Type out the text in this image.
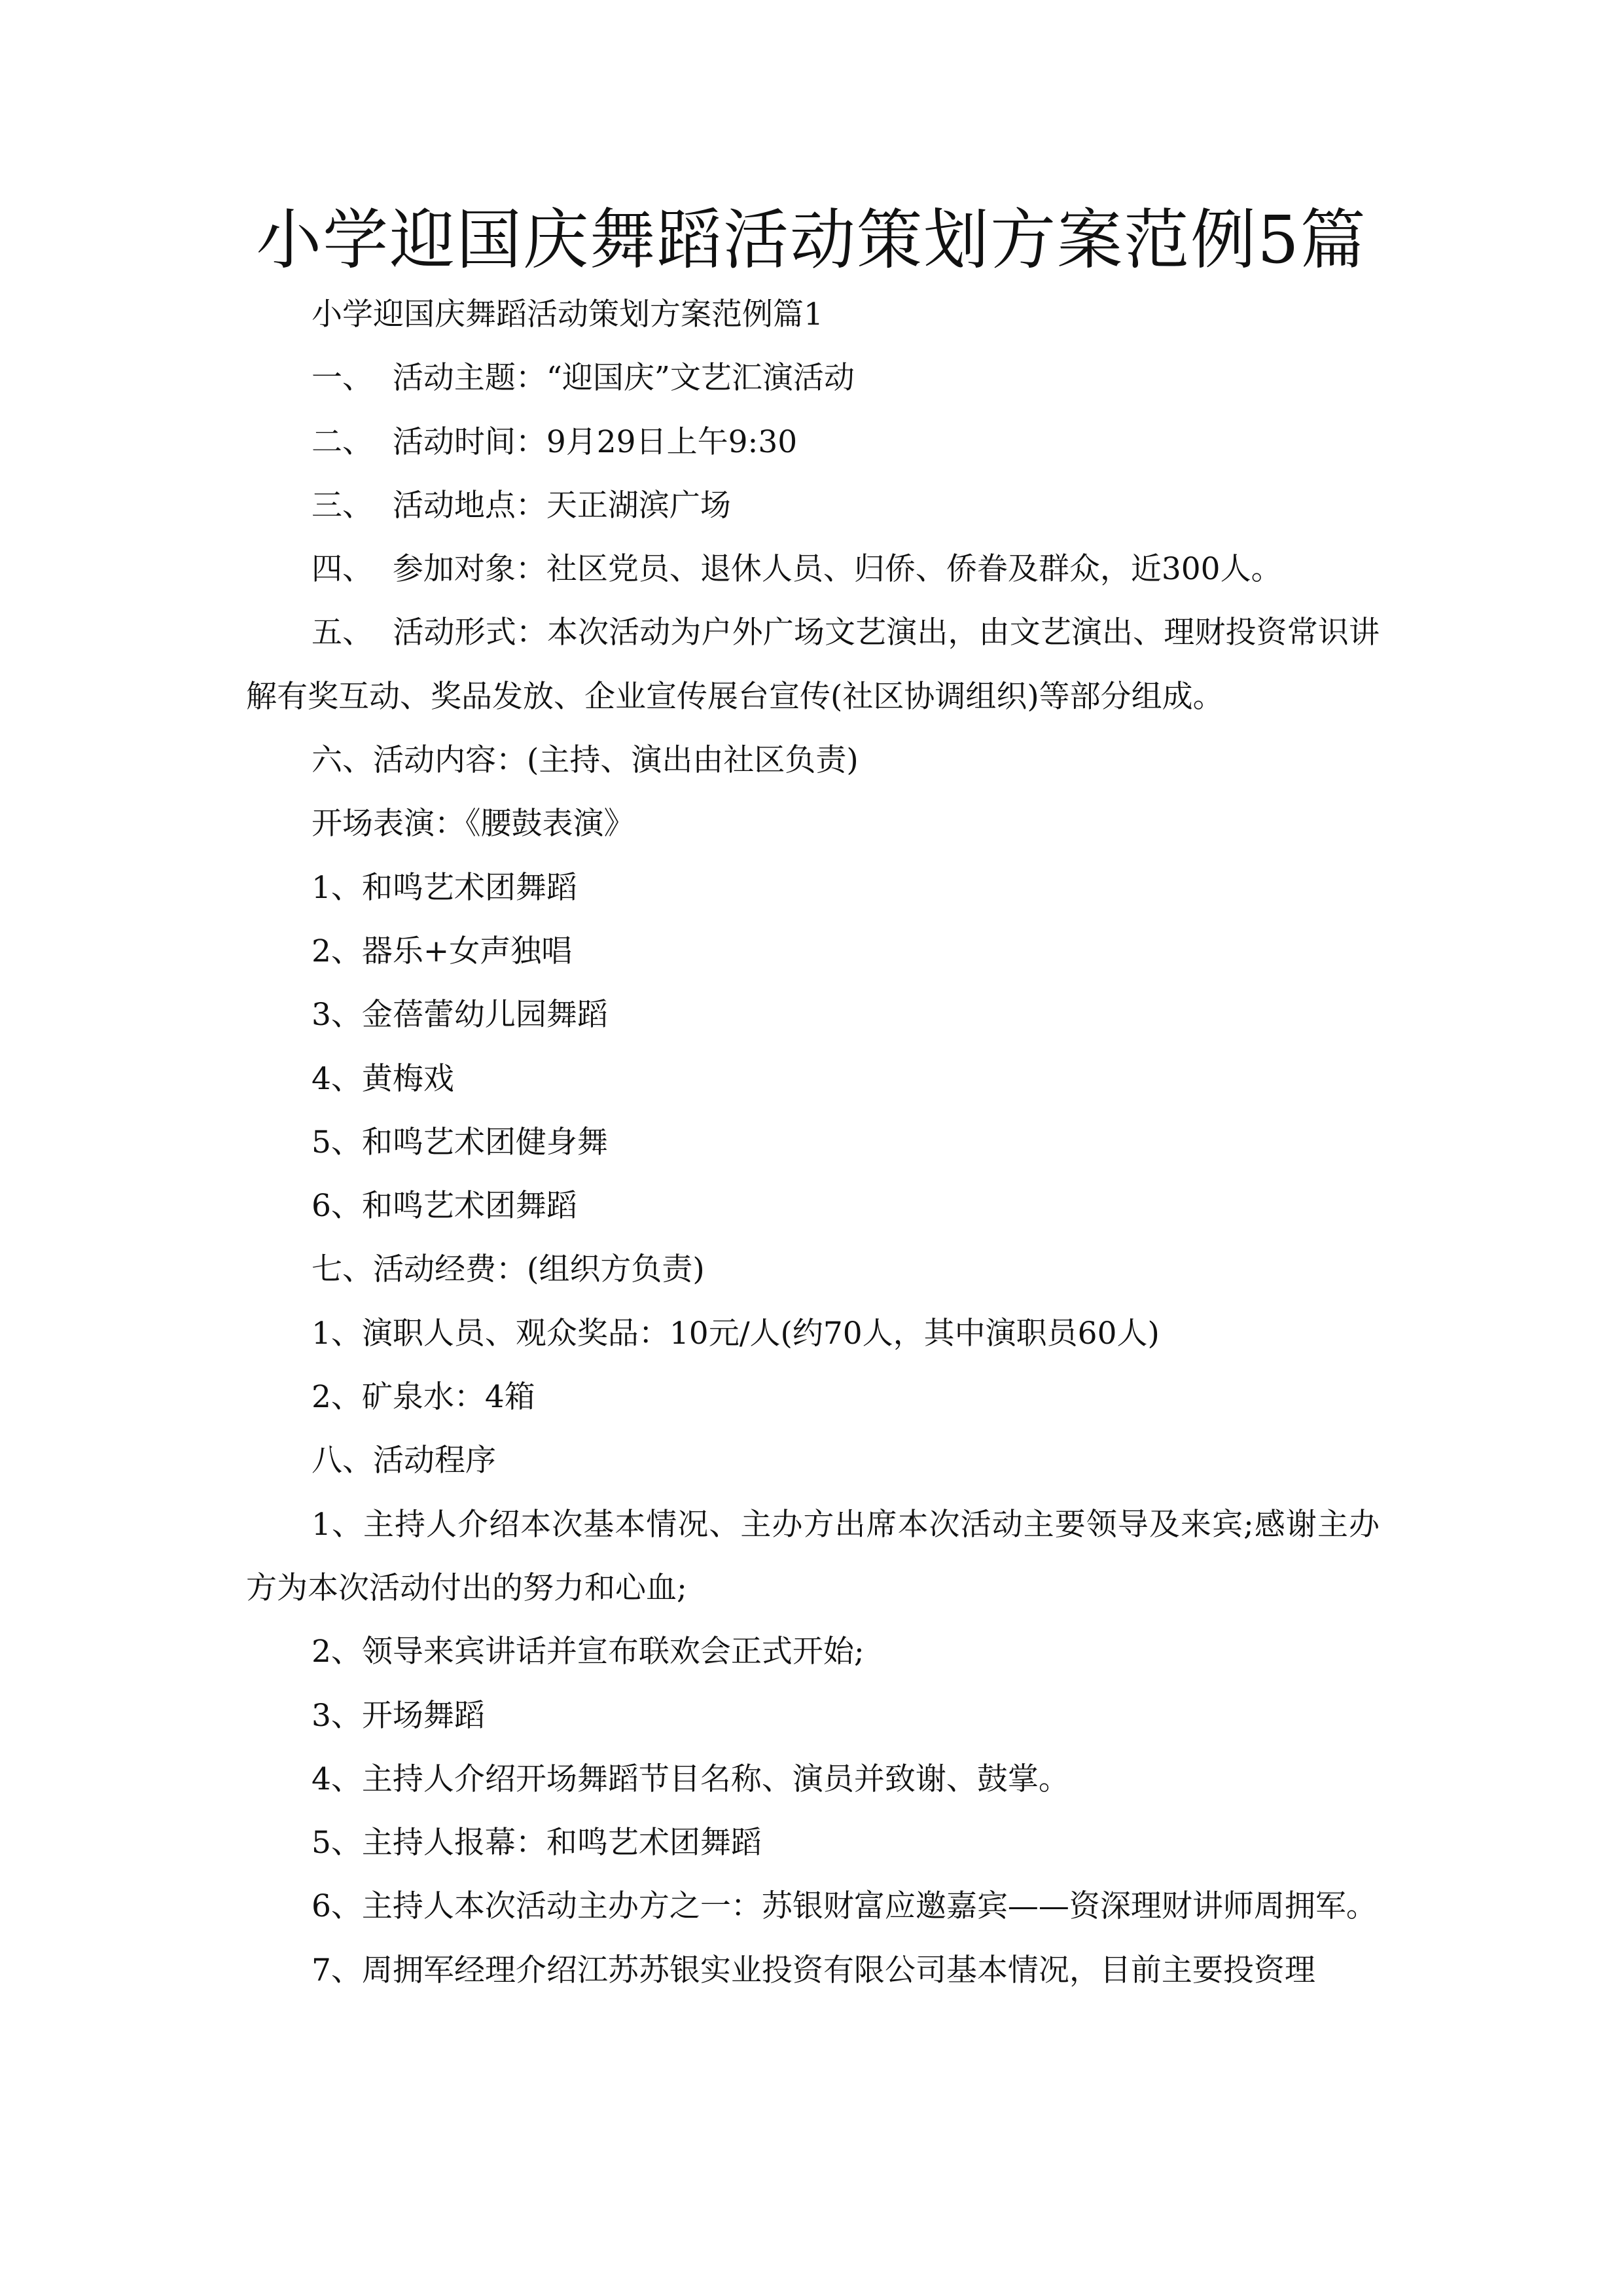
小学迎国庆舞蹈活动策划方案范例5篇

小学迎国庆舞蹈活动策划方案范例篇1

一、  活动主题：“迎国庆”文艺汇演活动

二、  活动时间：9月29日上午9:30

三、  活动地点：天正湖滨广场

四、  参加对象：社区党员、退休人员、归侨、侨眷及群众，近300人。

五、  活动形式：本次活动为户外广场文艺演出，由文艺演出、理财投资常识讲解有奖互动、奖品发放、企业宣传展台宣传(社区协调组织)等部分组成。

六、活动内容：(主持、演出由社区负责)

开场表演：《腰鼓表演》

1、和鸣艺术团舞蹈

2、器乐+女声独唱

3、金蓓蕾幼儿园舞蹈

4、黄梅戏

5、和鸣艺术团健身舞

6、和鸣艺术团舞蹈

七、活动经费：(组织方负责)

1、演职人员、观众奖品：10元/人(约70人，其中演职员60人)

2、矿泉水：4箱

八、活动程序

1、主持人介绍本次基本情况、主办方出席本次活动主要领导及来宾;感谢主办方为本次活动付出的努力和心血;

2、领导来宾讲话并宣布联欢会正式开始;

3、开场舞蹈

4、主持人介绍开场舞蹈节目名称、演员并致谢、鼓掌。

5、主持人报幕：和鸣艺术团舞蹈

6、主持人本次活动主办方之一：苏银财富应邀嘉宾——资深理财讲师周拥军。

7、周拥军经理介绍江苏苏银实业投资有限公司基本情况，目前主要投资理
